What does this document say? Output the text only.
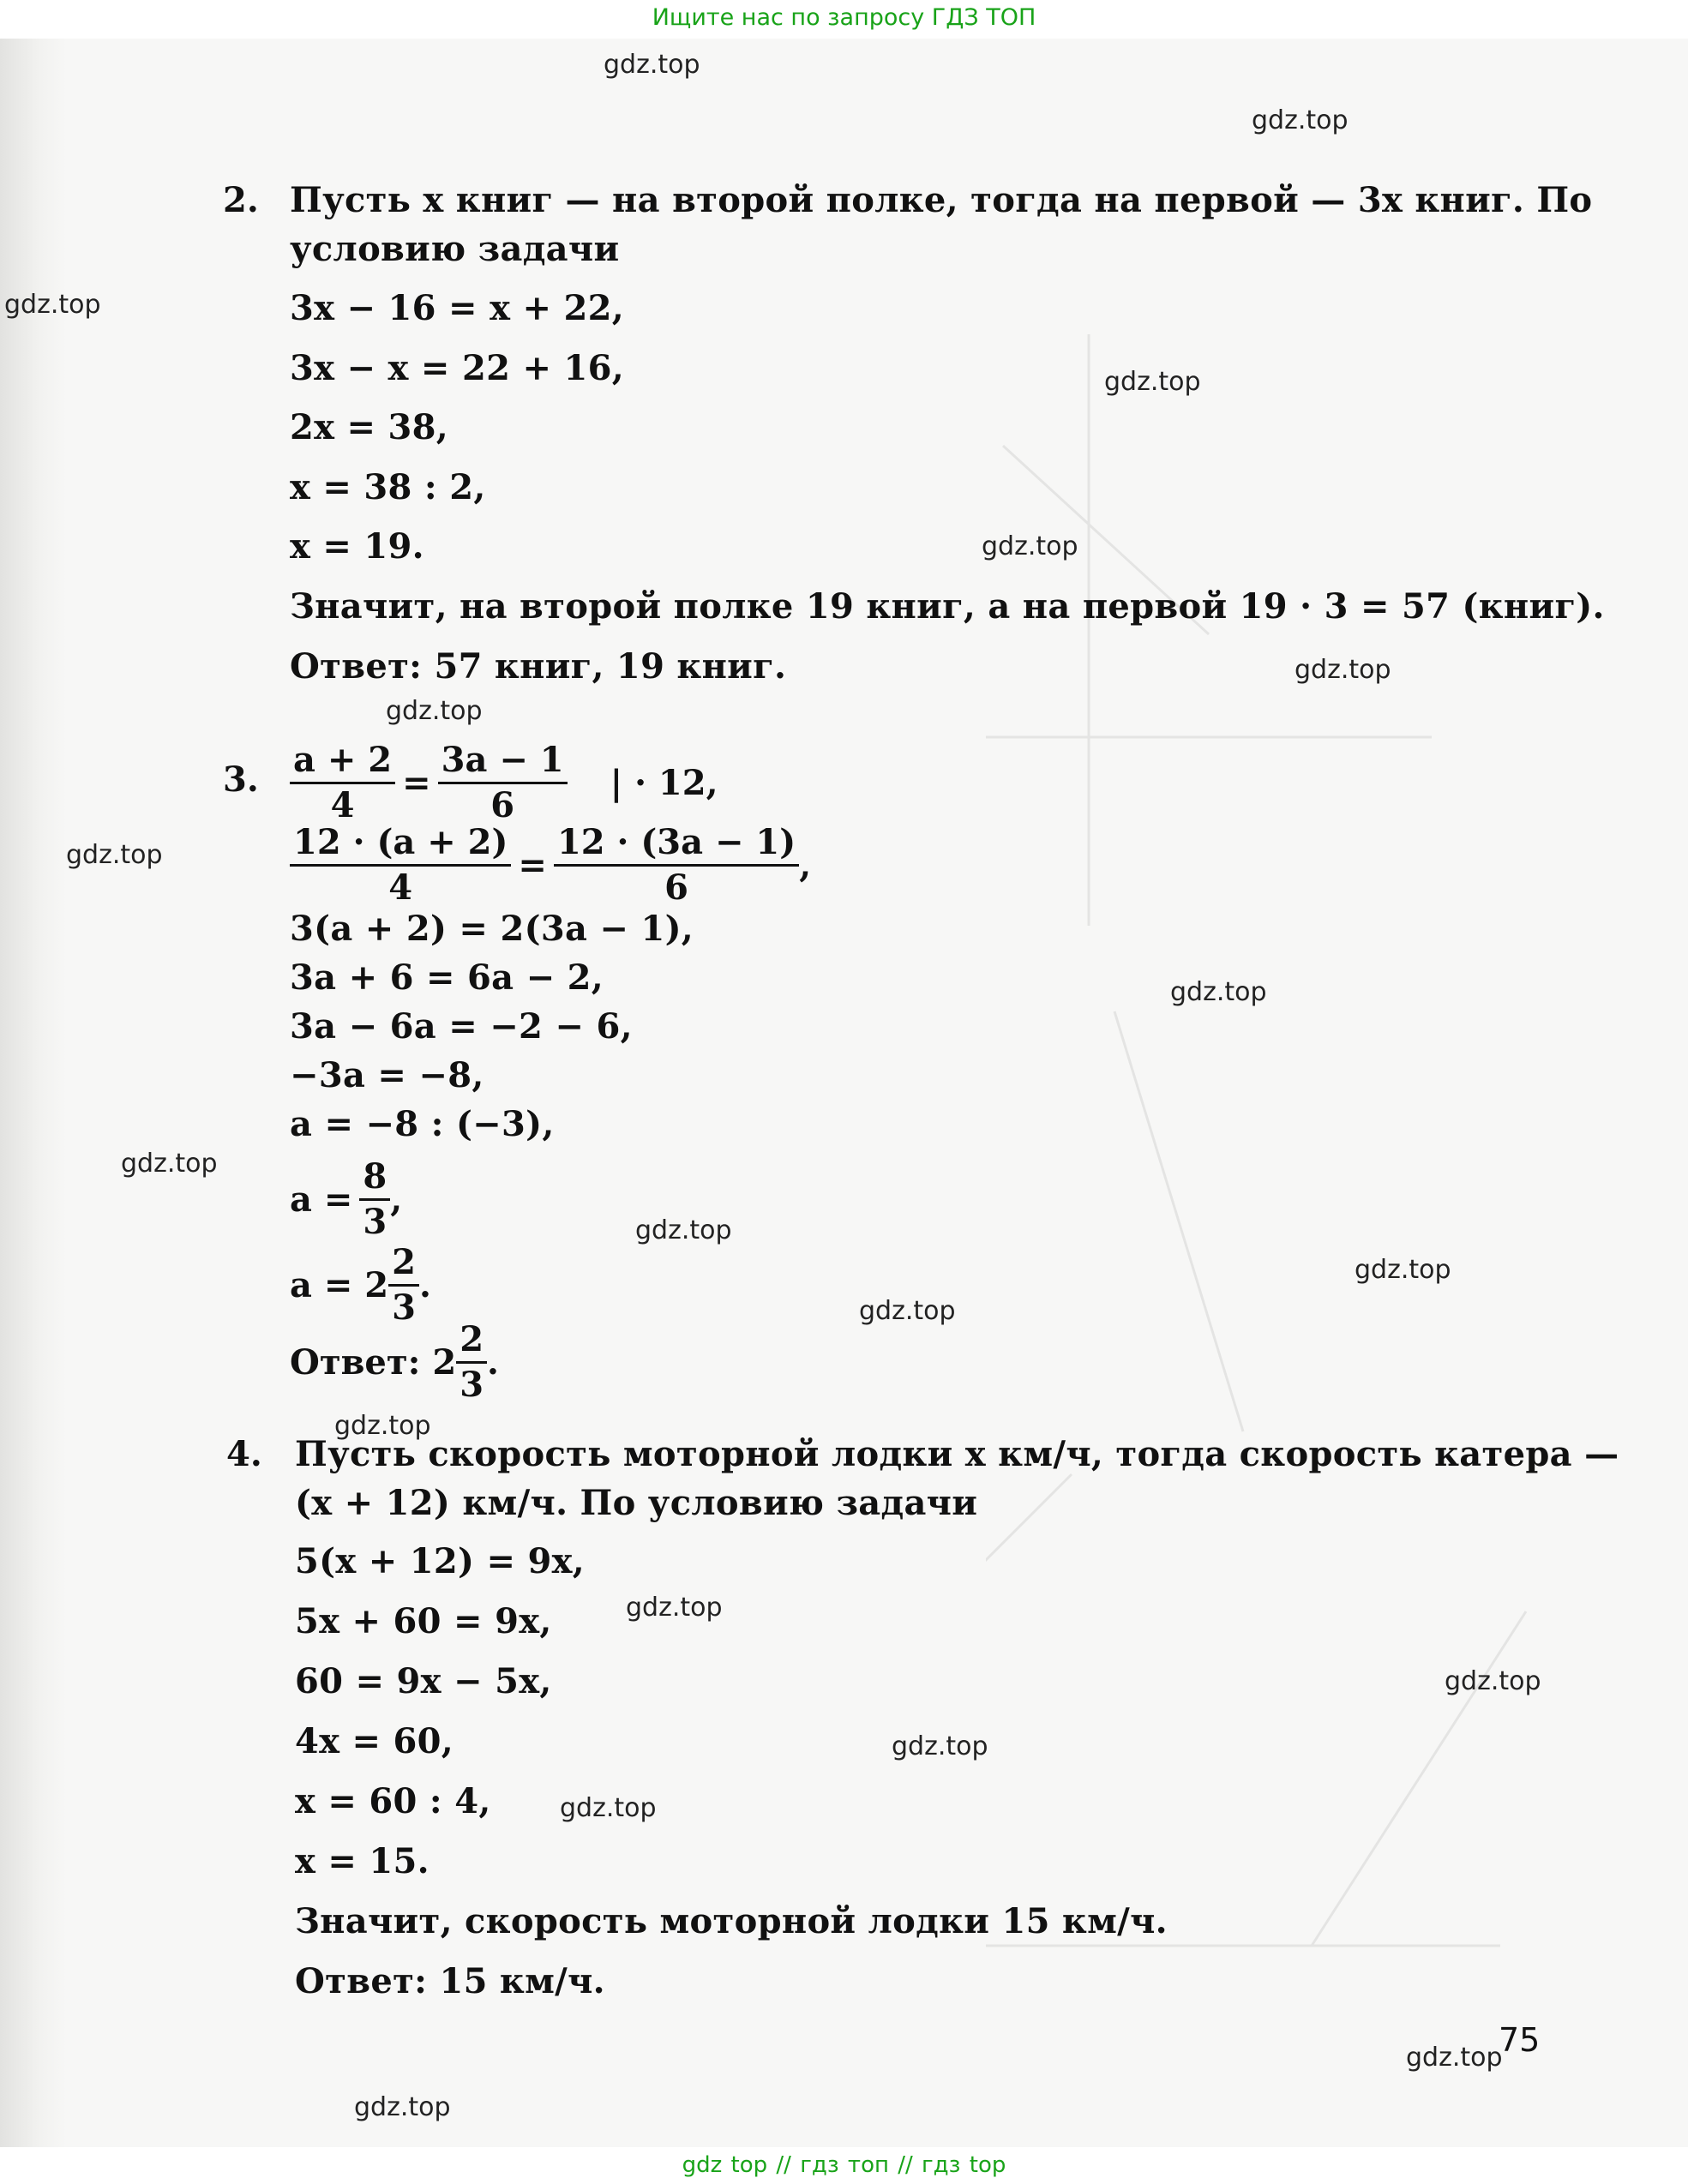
Ищите нас по запросу ГДЗ ТОП
gdz.top
gdz.top
gdz.top
gdz.top
gdz.top
gdz.top
gdz.top
gdz.top
gdz.top
gdz.top
gdz.top
gdz.top
gdz.top
gdz.top
gdz.top
gdz.top
gdz.top
gdz.top
gdz.top
gdz.top
2. Пусть x книг — на второй полке, тогда на первой — 3x книг. По
условию задачи
3x − 16 = x + 22,
3x − x = 22 + 16,
2x = 38,
x = 38 : 2,
x = 19.
Значит, на второй полке 19 книг, а на первой 19 · 3 = 57 (книг).
Ответ: 57 книг, 19 книг.
3. $\frac{a + 2}{4} = \frac{3a - 1}{6}$	| · 12,
$\frac{12 \cdot (a + 2)}{4} = \frac{12 \cdot (3a - 1)}{6}$ ,
3(a + 2) = 2(3a − 1),
3a + 6 = 6a − 2,
3a − 6a = −2 − 6,
−3a = −8,
a = −8 : (−3),
$a = \frac{8}{3}$ ,
$a = 2 \frac{2}{3}$ .
Ответ: $2 \frac{2}{3}$ .
4. Пусть скорость моторной лодки x км/ч, тогда скорость катера —
(x + 12) км/ч. По условию задачи
5(x + 12) = 9x,
5x + 60 = 9x,
60 = 9x − 5x,
4x = 60,
x = 60 : 4,
x = 15.
Значит, скорость моторной лодки 15 км/ч.
Ответ: 15 км/ч.
75
gdz top // гдз топ // гдз top
